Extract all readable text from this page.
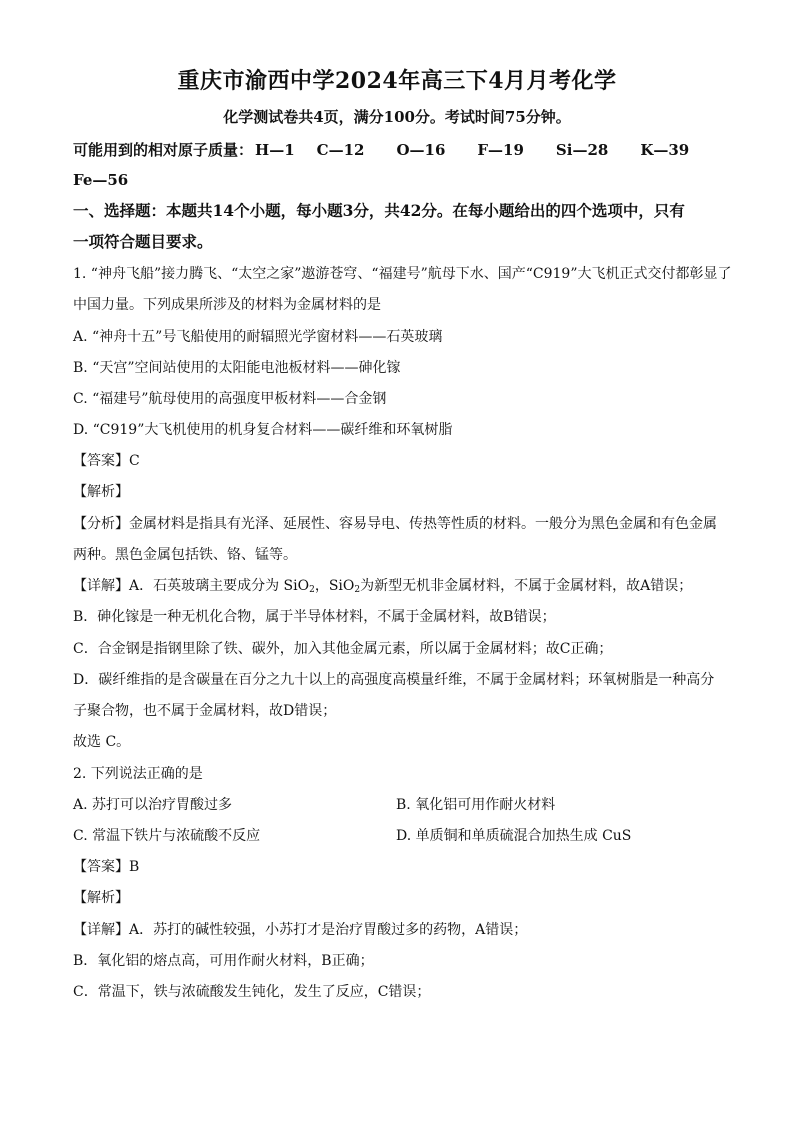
重庆市渝西中学2024年高三下4月月考化学
化学测试卷共4页，满分100分。考试时间75分钟。
可能用到的相对原子质量： H—1 C—12 O—16 F—19 Si—28 K—39
Fe—56
一、选择题：本题共14个小题，每小题3分，共42分。在每小题给出的四个选项中，只有
一项符合题目要求。
1. “神舟飞船”接力腾飞、“太空之家”遨游苍穹、“福建号”航母下水、国产“C919”大飞机正式交付都彰显了
中国力量。下列成果所涉及的材料为金属材料的是
A. “神舟十五”号飞船使用的耐辐照光学窗材料——石英玻璃
B. “天宫”空间站使用的太阳能电池板材料——砷化镓
C. “福建号”航母使用的高强度甲板材料——合金钢
D. “C919”大飞机使用的机身复合材料——碳纤维和环氧树脂
【答案】C
【解析】
【分析】金属材料是指具有光泽、延展性、容易导电、传热等性质的材料。一般分为黑色金属和有色金属
两种。黑色金属包括铁、铬、锰等。
【详解】A．石英玻璃主要成分为 SiO$_2$，SiO$_2$为新型无机非金属材料，不属于金属材料，故A错误；
B．砷化镓是一种无机化合物，属于半导体材料，不属于金属材料，故B错误；
C．合金钢是指钢里除了铁、碳外，加入其他金属元素，所以属于金属材料；故C正确；
D．碳纤维指的是含碳量在百分之九十以上的高强度高模量纤维，不属于金属材料；环氧树脂是一种高分
子聚合物，也不属于金属材料，故D错误；
故选 C。
2. 下列说法正确的是
A. 苏打可以治疗胃酸过多	B. 氧化铝可用作耐火材料
C. 常温下铁片与浓硫酸不反应	D. 单质铜和单质硫混合加热生成 CuS
【答案】B
【解析】
【详解】A．苏打的碱性较强，小苏打才是治疗胃酸过多的药物，A错误；
B．氧化铝的熔点高，可用作耐火材料，B正确；
C．常温下，铁与浓硫酸发生钝化，发生了反应，C错误；
